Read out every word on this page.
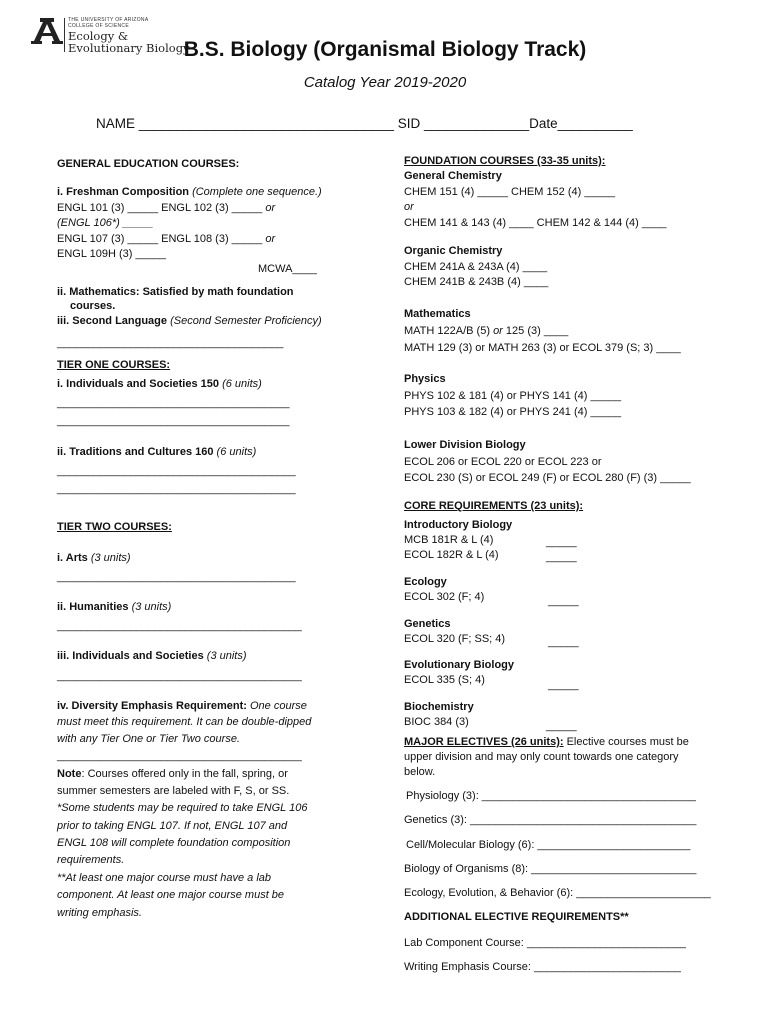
THE UNIVERSITY OF ARIZONA
COLLEGE OF SCIENCE
Ecology &
Evolutionary Biology
B.S. Biology (Organismal Biology Track)
Catalog Year 2019-2020
NAME __________________________________ SID ______________Date__________
GENERAL EDUCATION COURSES:
i. Freshman Composition (Complete one sequence.)
ENGL 101 (3) _____ ENGL 102 (3) _____ or
(ENGL 106*) _____
ENGL 107 (3) _____ ENGL 108 (3) _____ or
ENGL 109H (3) _____
MCWA____
ii. Mathematics: Satisfied by math foundation
courses.
iii. Second Language (Second Semester Proficiency)
_____________________________________
TIER ONE COURSES:
i. Individuals and Societies 150 (6 units)
______________________________________
______________________________________
ii. Traditions and Cultures 160 (6 units)
_______________________________________
_______________________________________
TIER TWO COURSES:
i. Arts (3 units)
_______________________________________
ii. Humanities (3 units)
________________________________________
iii. Individuals and Societies (3 units)
________________________________________
iv. Diversity Emphasis Requirement: One course
must meet this requirement. It can be double-dipped
with any Tier One or Tier Two course.
________________________________________
Note: Courses offered only in the fall, spring, or
summer semesters are labeled with F, S, or SS.
*Some students may be required to take ENGL 106
prior to taking ENGL 107. If not, ENGL 107 and
ENGL 108 will complete foundation composition
requirements.
**At least one major course must have a lab
component. At least one major course must be
writing emphasis.
FOUNDATION COURSES (33-35 units):
General Chemistry
CHEM 151 (4) _____ CHEM 152 (4) _____
or
CHEM 141 & 143 (4) ____ CHEM 142 & 144 (4) ____
Organic Chemistry
CHEM 241A & 243A (4) ____
CHEM 241B & 243B (4) ____
Mathematics
MATH 122A/B (5) or 125 (3) ____
MATH 129 (3) or MATH 263 (3) or ECOL 379 (S; 3) ____
Physics
PHYS 102 & 181 (4) or PHYS 141 (4) _____
PHYS 103 & 182 (4) or PHYS 241 (4) _____
Lower Division Biology
ECOL 206 or ECOL 220 or ECOL 223 or
ECOL 230 (S) or ECOL 249 (F) or ECOL 280 (F) (3) _____
CORE REQUIREMENTS (23 units):
Introductory Biology
MCB 181R & L (4)	_____
ECOL 182R & L (4)	_____
Ecology
ECOL 302 (F; 4)	_____
Genetics
ECOL 320 (F; SS; 4)	_____
Evolutionary Biology
ECOL 335 (S; 4)	_____
Biochemistry
BIOC 384 (3)	_____
MAJOR ELECTIVES (26 units): Elective courses must be
upper division and may only count towards one category
below.
Physiology (3): ___________________________________
Genetics (3): _____________________________________
Cell/Molecular Biology (6): _________________________
Biology of Organisms (8): ___________________________
Ecology, Evolution, & Behavior (6): ______________________
ADDITIONAL ELECTIVE REQUIREMENTS**
Lab Component Course: __________________________
Writing Emphasis Course: ________________________
